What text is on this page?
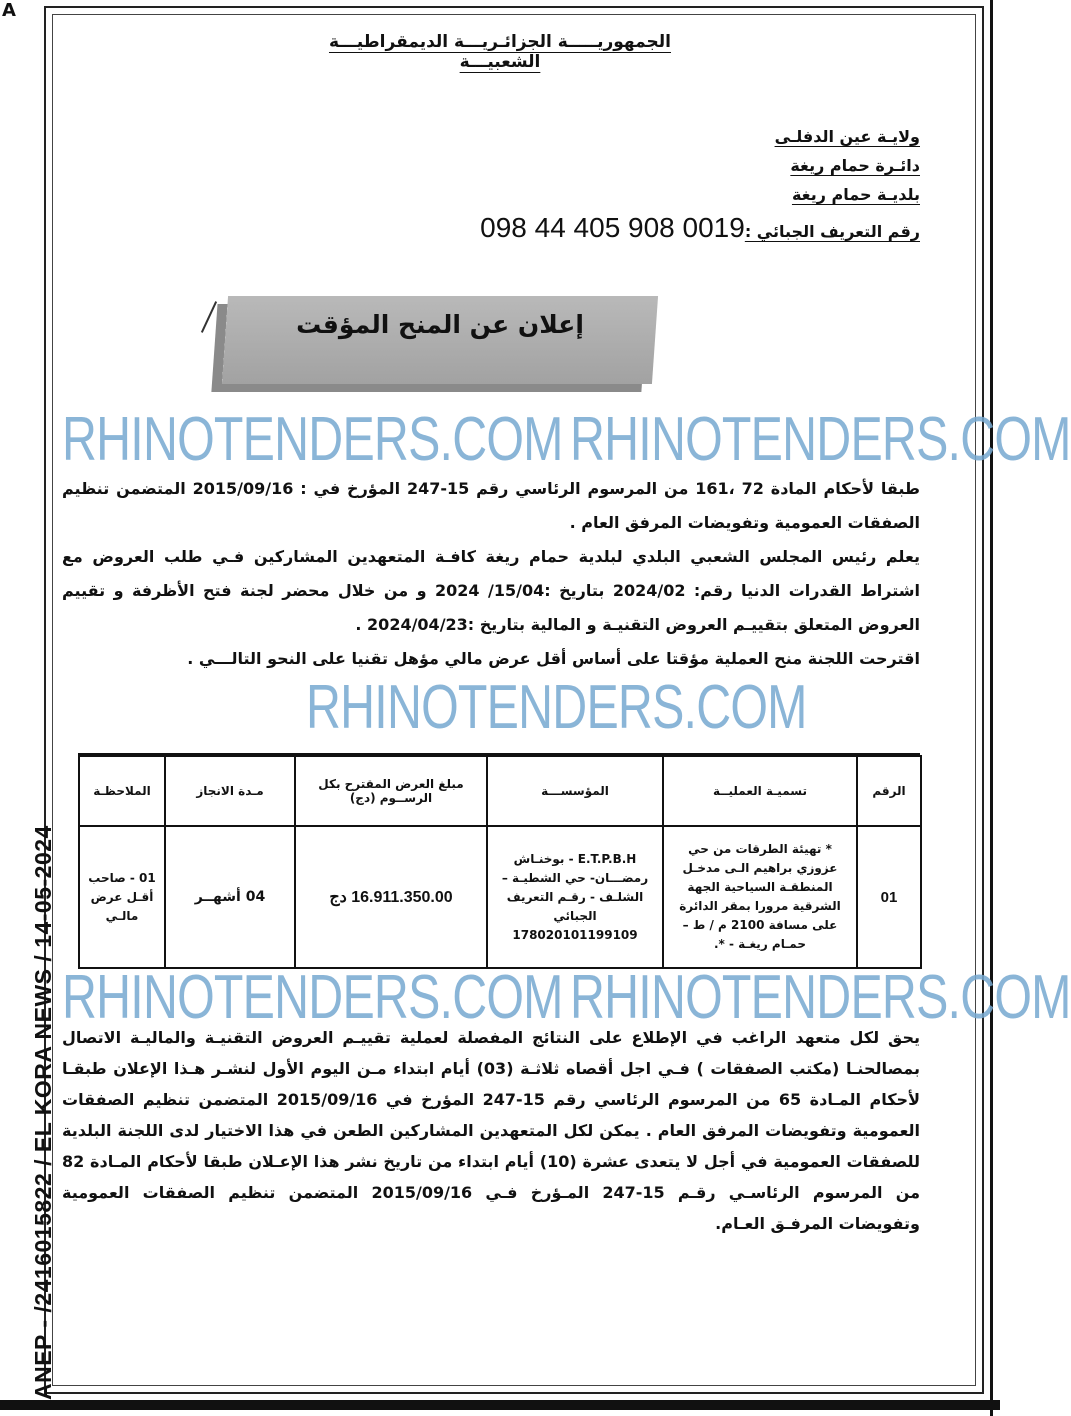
A
ANEP - /2416015822 / EL KORA NEWS / 14-05-2024
الجمهوريـــــة الجزائـريـــة الديمقراطيـــة الشعبيـــة
ولايـة عين الدفلـى
دائـرة حمام ريغة
بلديـة حمام ريغة
رقم التعريف الجبائي :098 44 405 908 0019
إعلان عن المنح المؤقت
RHINOTENDERS.COM RHINOTENDERS.COM
طبقا لأحكام المادة 72 ،161 من المرسوم الرئاسي رقم 15-247 المؤرخ في : 2015/09/16 المتضمن تنظيم الصفقات العمومية وتفويضات المرفق العام .
يعلم رئيس المجلس الشعبي البلدي لبلدية حمام ريغة كافـة المتعهدين المشاركين فـي طلب العروض مع اشتراط القدرات الدنيا رقم: 2024/02 بتاريخ :15/04/ 2024 و من خلال محضر لجنة فتح الأظرفة و تقييم العروض المتعلق بتقييـم العروض التقنيـة و المالية بتاريخ :2024/04/23 .
اقترحت اللجنة منح العملية مؤقتا على أساس أقل عرض مالي مؤهل تقنيا على النحو التالـــي .
RHINOTENDERS.COM
الرقم	تسميـة العمليــة	المؤسســـة	مبلغ العرض المقترح بكل الرســوم (دج)	مـدة الانجاز	الملاحظـة
01	* تهيئة الطرقات من حي عزوزي براهيم الـى مدخـل المنطقـة السياحية الجهة الشرقية مرورا بمقر الدائرة على مسافة 2100 م / ط – حمـام ريغـة - *.	E.T.P.B.H - بوخنـاش رمضـــان- حي الشطيـة – الشلـف - رقـم التعريف الجبائي 178020101199109	16.911.350.00 دج	04 أشهــر	01 - صاحب أقـل عرض مالـي
RHINOTENDERS.COM RHINOTENDERS.COM
يحق لكل متعهد الراغب في الإطلاع على النتائج المفصلة لعملية تقييـم العروض التقنيـة والماليـة الاتصال بمصالحنـا (مكتب الصفقات ) فـي اجل أقصاه ثلاثـة (03) أيام ابتداء مـن اليوم الأول لنشـر هـذا الإعلان طبقـا لأحكام المـادة 65 من المرسوم الرئاسي رقم 15-247 المؤرخ في 2015/09/16 المتضمن تنظيم الصفقات العمومية وتفويضات المرفق العام . يمكن لكل المتعهدين المشاركين الطعن في هذا الاختيار لدى اللجنة البلدية للصفقات العمومية في أجل لا يتعدى عشرة (10) أيام ابتداء من تاريخ نشر هذا الإعـلان طبقا لأحكام المـادة 82 من المرسوم الرئاسـي رقـم 15-247 المـؤرخ فـي 2015/09/16 المتضمن تنظيم الصفقات العمومية وتفويضات المرفـق العـام.
